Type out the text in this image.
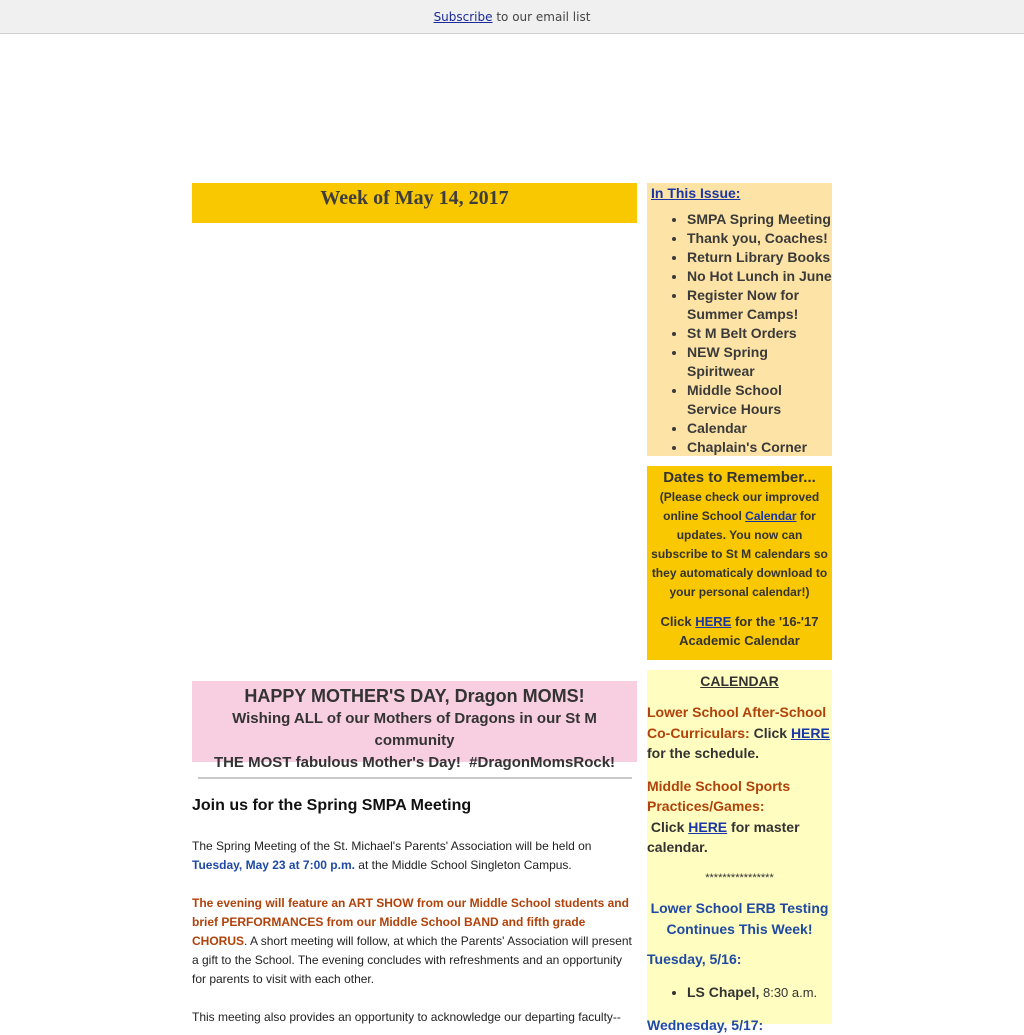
Subscribe to our email list
Week of May 14, 2017
HAPPY MOTHER'S DAY, Dragon MOMS!
Wishing ALL of our Mothers of Dragons in our St M community
THE MOST fabulous Mother's Day!  #DragonMomsRock!
Join us for the Spring SMPA Meeting
The Spring Meeting of the St. Michael's Parents' Association will be held on Tuesday, May 23 at 7:00 p.m. at the Middle School Singleton Campus.
The evening will feature an ART SHOW from our Middle School students and brief PERFORMANCES from our Middle School BAND and fifth grade CHORUS. A short meeting will follow, at which the Parents' Association will present a gift to the School. The evening concludes with refreshments and an opportunity for parents to visit with each other.
This meeting also provides an opportunity to acknowledge our departing faculty--
In This Issue:
• SMPA Spring Meeting
• Thank you, Coaches!
• Return Library Books
• No Hot Lunch in June
• Register Now for Summer Camps!
• St M Belt Orders
• NEW Spring Spiritwear
• Middle School Service Hours
• Calendar
• Chaplain's Corner
Dates to Remember...
(Please check our improved online School Calendar for updates. You now can subscribe to St M calendars so they automaticaly download to your personal calendar!)
Click HERE for the '16-'17 Academic Calendar
CALENDAR
Lower School After-School Co-Curriculars: Click HERE for the schedule.
Middle School Sports Practices/Games: Click HERE for master calendar.
****************
Lower School ERB Testing Continues This Week!
Tuesday, 5/16:
• LS Chapel, 8:30 a.m.
Wednesday, 5/17:
